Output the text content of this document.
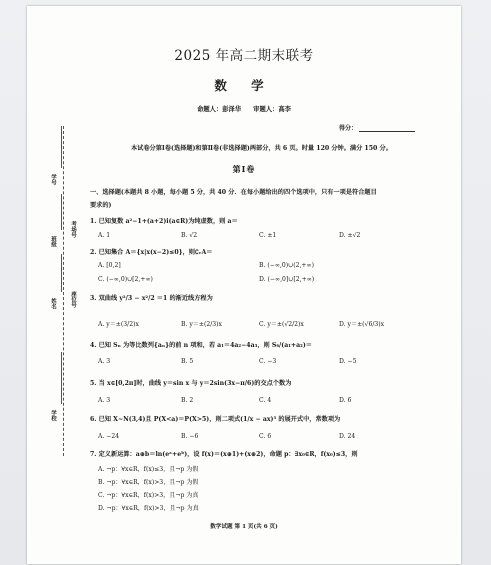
学号
班级
姓名
考场号
座位号
学校
2025 年高二期末联考
数 学
命题人：彭泽华 审题人：高李
得分：
本试卷分第Ⅰ卷(选择题)和第Ⅱ卷(非选择题)两部分，共 6 页。时量 120 分钟。满分 150 分。
第Ⅰ卷
一、选择题(本题共 8 小题，每小题 5 分，共 40 分．在每小题给出的四个选项中，只有一项是符合题目
要求的)
1. 已知复数 a²−1+(a+2)i(a∈R)为纯虚数，则 a＝
A. 1	B. √2	C. ±1	D. ±√2
2. 已知集合 A＝{x|x(x−2)≤0}，则∁ᵣA＝
A. [0,2]	B. (−∞,0)∪(2,+∞)
C. (−∞,0)∪[2,+∞)	D. (−∞,0]∪[2,+∞)
3. 双曲线 y²/3 − x²/2 ＝1 的渐近线方程为
A. y＝±(3/2)x	B. y＝±(2/3)x	C. y＝±(√2/2)x	D. y＝±(√6/3)x
4. 已知 Sₙ 为等比数列{aₙ}的前 n 项和，若 a₁＝4a₂−4a₃，则 S₆/(a₁+a₂)＝
A. 3	B. 5	C. −3	D. −5
5. 当 x∈[0,2π]时，曲线 y＝sin x 与 y＝2sin(3x−π/6)的交点个数为
A. 3	B. 2	C. 4	D. 6
6. 已知 X~N(3,4)且 P(X<a)＝P(X>5)，则二项式(1/x − ax)⁵ 的展开式中，常数项为
A. −24	B. −6	C. 6	D. 24
7. 定义新运算：a⊕b＝ln(eᵃ+eᵇ)，设 f(x)＝(x⊕1)+(x⊕2)，命题 p：∃x₀∈R，f(x₀)≤3，则
A. ¬p：∀x∈R，f(x)≤3，且¬p 为假
B. ¬p：∀x∈R，f(x)>3，且¬p 为假
C. ¬p：∀x∈R，f(x)>3，且¬p 为真
D. ¬p：∀x∈R，f(x)>3，且¬p 为真
数学试题 第 1 页(共 6 页)
